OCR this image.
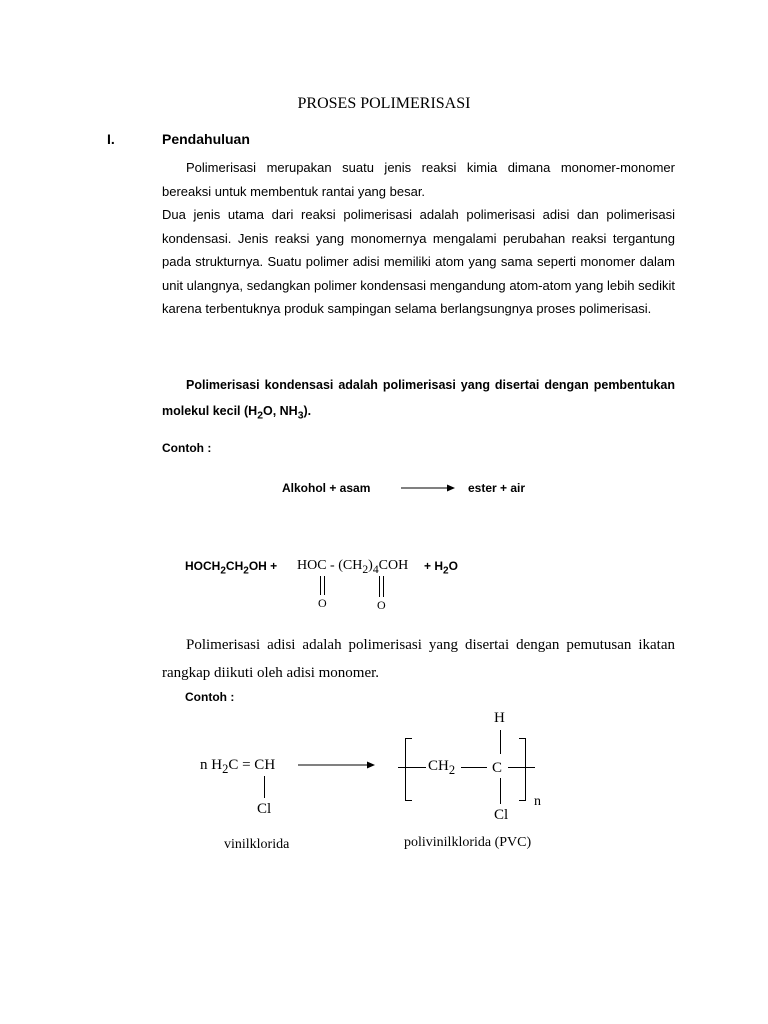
PROSES POLIMERISASI
I.	Pendahuluan

Polimerisasi merupakan suatu jenis reaksi kimia dimana monomer-monomer bereaksi untuk membentuk rantai yang besar.

Dua jenis utama dari reaksi polimerisasi adalah polimerisasi adisi dan polimerisasi kondensasi. Jenis reaksi yang monomernya mengalami perubahan reaksi tergantung pada strukturnya. Suatu polimer adisi memiliki atom yang sama seperti monomer dalam unit ulangnya, sedangkan polimer kondensasi mengandung atom-atom yang lebih sedikit karena terbentuknya produk sampingan selama berlangsungnya proses polimerisasi.

Polimerisasi kondensasi adalah polimerisasi yang disertai dengan pembentukan molekul kecil ($H_2O$, $NH_3$).

Contoh :
Alkohol + asam → ester + air
$HOCH_2CH_2OH$ + HOC - $(CH_2)_4COH + H_2O$
O	O

Polimerisasi adisi adalah polimerisasi yang disertai dengan pemutusan ikatan rangkap diikuti oleh adisi monomer.

Contoh :
n $H_2C$ = CH
Cl
vinilklorida
$CH_2$
H
C
Cl
n
polivinilklorida (PVC)
